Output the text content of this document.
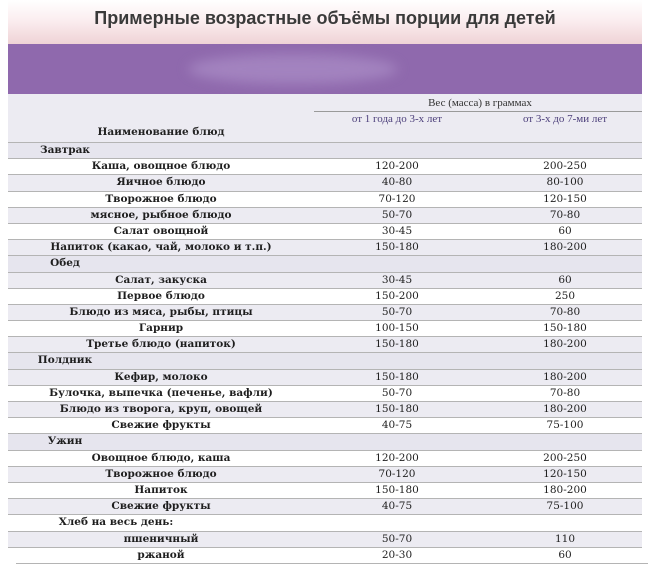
Примерные возрастные объёмы порции для детей
Вес (масса) в граммах
от 1 года до 3-х лет	от 3-х до 7-ми лет
Наименование блюд
Завтрак
Каша, овощное блюдо	120-200	200-250
Яичное блюдо	40-80	80-100
Творожное блюдо	70-120	120-150
мясное, рыбное блюдо	50-70	70-80
Салат овощной	30-45	60
Напиток (какао, чай, молоко и т.п.)	150-180	180-200
Обед
Салат, закуска	30-45	60
Первое блюдо	150-200	250
Блюдо из мяса, рыбы, птицы	50-70	70-80
Гарнир	100-150	150-180
Третье блюдо (напиток)	150-180	180-200
Полдник
Кефир, молоко	150-180	180-200
Булочка, выпечка (печенье, вафли)	50-70	70-80
Блюдо из творога, круп, овощей	150-180	180-200
Свежие фрукты	40-75	75-100
Ужин
Овощное блюдо, каша	120-200	200-250
Творожное блюдо	70-120	120-150
Напиток	150-180	180-200
Свежие фрукты	40-75	75-100
Хлеб на весь день:
пшеничный	50-70	110
ржаной	20-30	60
